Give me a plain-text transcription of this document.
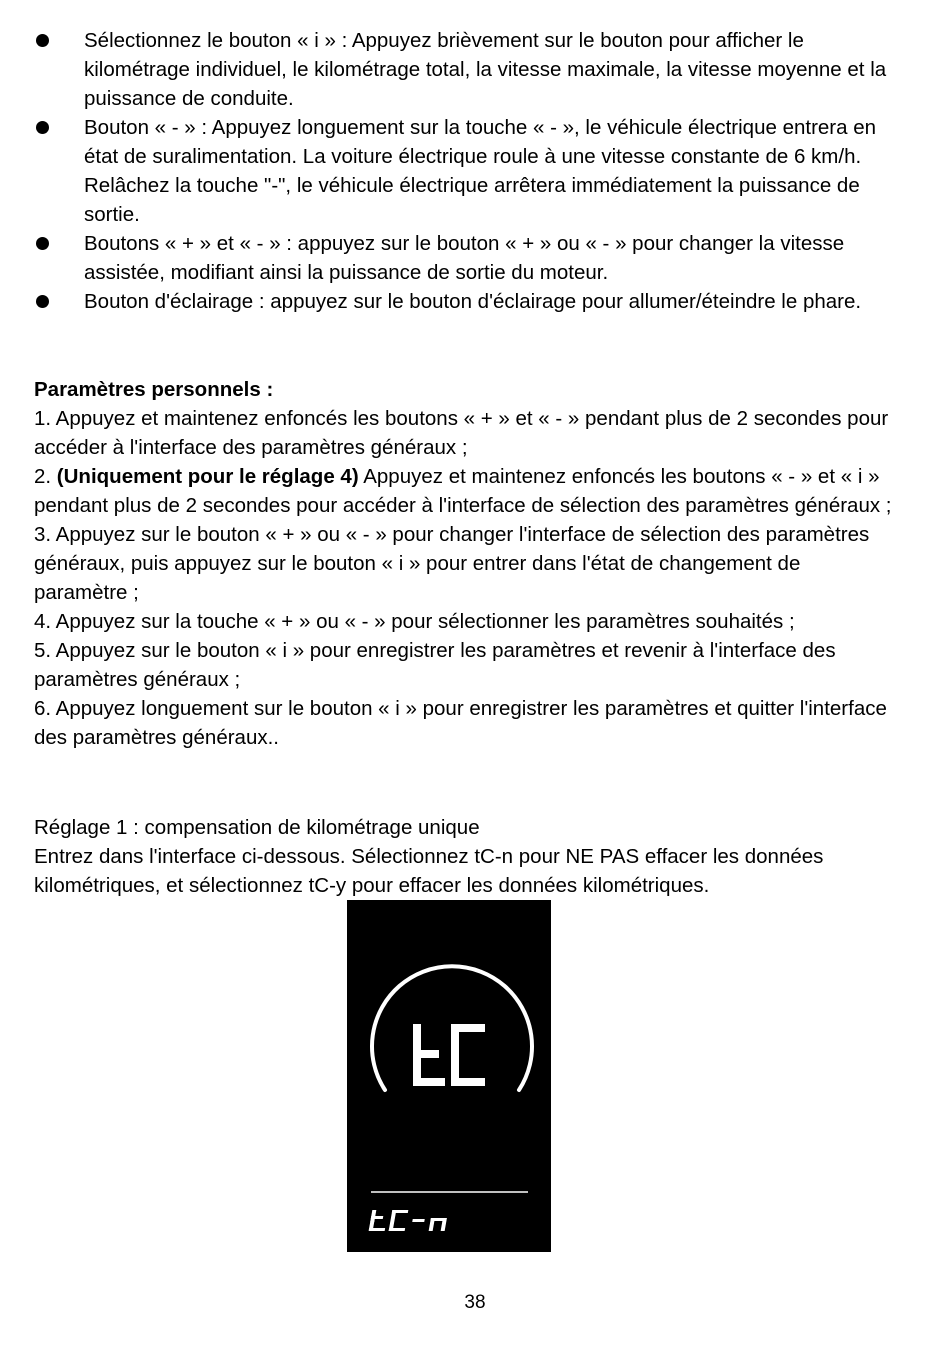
Sélectionnez le bouton « i » : Appuyez brièvement sur le bouton pour afficher le kilométrage individuel, le kilométrage total, la vitesse maximale, la vitesse moyenne et la puissance de conduite.
Bouton « - » : Appuyez longuement sur la touche « - », le véhicule électrique entrera en état de suralimentation. La voiture électrique roule à une vitesse constante de 6 km/h. Relâchez la touche "-", le véhicule électrique arrêtera immédiatement la puissance de sortie.
Boutons « + » et « - » : appuyez sur le bouton « + » ou « - » pour changer la vitesse assistée, modifiant ainsi la puissance de sortie du moteur.
Bouton d'éclairage : appuyez sur le bouton d'éclairage pour allumer/éteindre le phare.

Paramètres personnels :

1. Appuyez et maintenez enfoncés les boutons « + » et « - » pendant plus de 2 secondes pour accéder à l'interface des paramètres généraux ;

2. (Uniquement pour le réglage 4) Appuyez et maintenez enfoncés les boutons « - » et « i » pendant plus de 2 secondes pour accéder à l'interface de sélection des paramètres généraux ;

3. Appuyez sur le bouton « + » ou « - » pour changer l'interface de sélection des paramètres généraux, puis appuyez sur le bouton « i » pour entrer dans l'état de changement de paramètre ;

4. Appuyez sur la touche « + » ou « - » pour sélectionner les paramètres souhaités ;

5. Appuyez sur le bouton « i » pour enregistrer les paramètres et revenir à l'interface des paramètres généraux ;

6. Appuyez longuement sur le bouton « i » pour enregistrer les paramètres et quitter l'interface des paramètres généraux..

Réglage 1 : compensation de kilométrage unique

Entrez dans l'interface ci-dessous. Sélectionnez tC-n pour NE PAS effacer les données kilométriques, et sélectionnez tC-y pour effacer les données kilométriques.

38
